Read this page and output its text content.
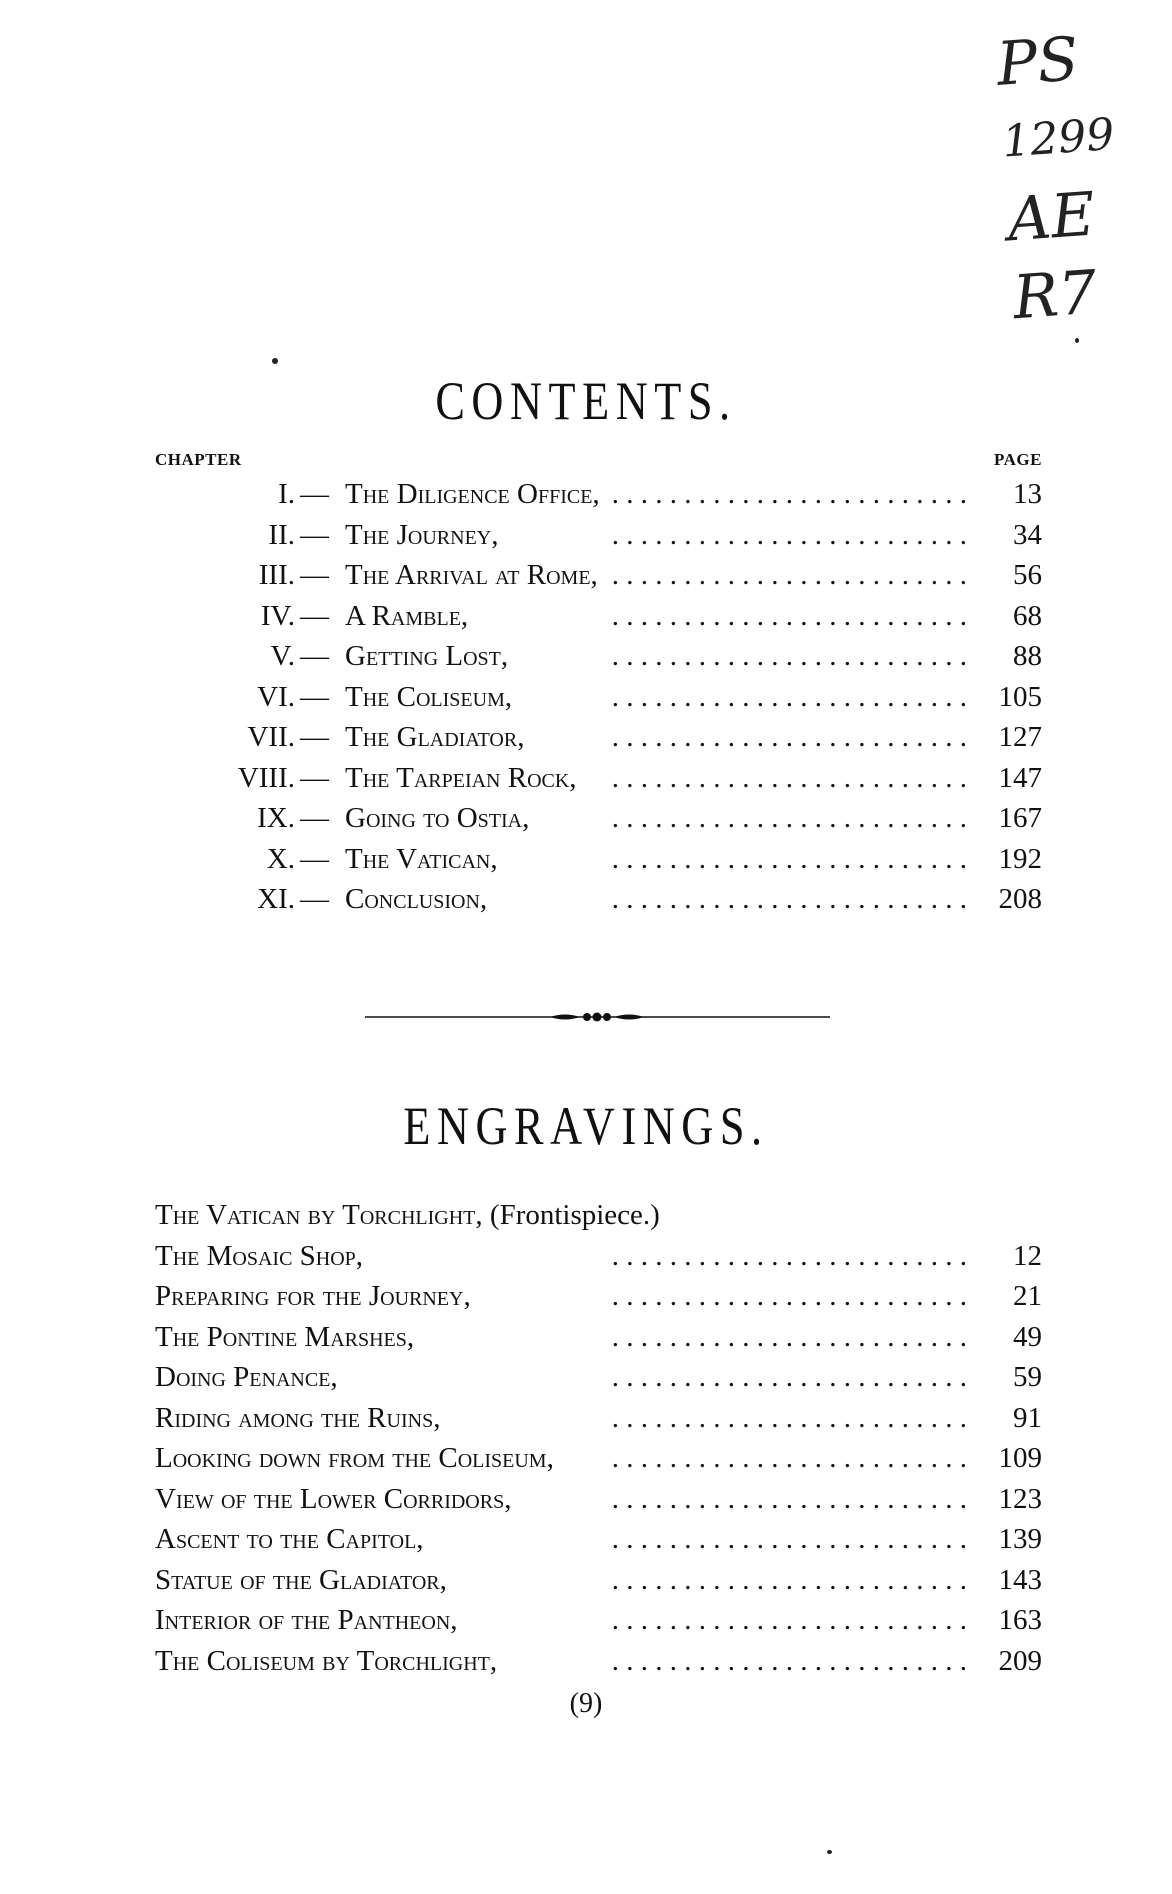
PS
1299
AE
R7
CONTENTS.
CHAPTER	PAGE
. . . . . . . . . . . . . . . . . . . . . . . . .
I. — The Diligence Office,	13
. . . . . . . . . . . . . . . . . . . . . . . . .
II. — The Journey,	34
. . . . . . . . . . . . . . . . . . . . . . . . .
III. — The Arrival at Rome,	56
. . . . . . . . . . . . . . . . . . . . . . . . .
IV. — A Ramble,	68
. . . . . . . . . . . . . . . . . . . . . . . . .
V. — Getting Lost,	88
. . . . . . . . . . . . . . . . . . . . . . . . .
VI. — The Coliseum,	105
. . . . . . . . . . . . . . . . . . . . . . . . .
VII. — The Gladiator,	127
. . . . . . . . . . . . . . . . . . . . . . . . .
VIII. — The Tarpeian Rock,	147
. . . . . . . . . . . . . . . . . . . . . . . . .
IX. — Going to Ostia,	167
. . . . . . . . . . . . . . . . . . . . . . . . .
X. — The Vatican,	192
. . . . . . . . . . . . . . . . . . . . . . . . .
XI. — Conclusion,	208
ENGRAVINGS.
The Vatican by Torchlight, (Frontispiece.)
. . . . . . . . . . . . . . . . . . . . . . . . .
The Mosaic Shop,	12
. . . . . . . . . . . . . . . . . . . . . . . . .
Preparing for the Journey,	21
. . . . . . . . . . . . . . . . . . . . . . . . .
The Pontine Marshes,	49
. . . . . . . . . . . . . . . . . . . . . . . . .
Doing Penance,	59
. . . . . . . . . . . . . . . . . . . . . . . . .
Riding among the Ruins,	91
. . . . . . . . . . . . . . . . . . . . . . . . .
Looking down from the Coliseum,	109
. . . . . . . . . . . . . . . . . . . . . . . . .
View of the Lower Corridors,	123
. . . . . . . . . . . . . . . . . . . . . . . . .
Ascent to the Capitol,	139
. . . . . . . . . . . . . . . . . . . . . . . . .
Statue of the Gladiator,	143
. . . . . . . . . . . . . . . . . . . . . . . . .
Interior of the Pantheon,	163
. . . . . . . . . . . . . . . . . . . . . . . . .
The Coliseum by Torchlight,	209
(9)
